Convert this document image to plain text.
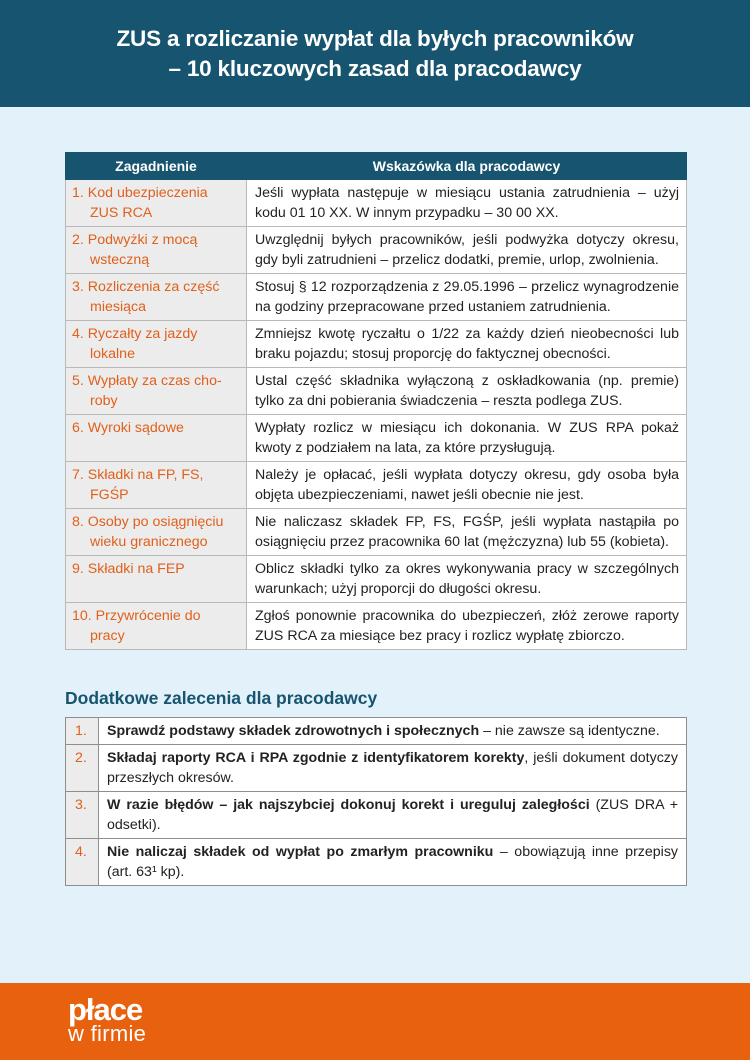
ZUS a rozliczanie wypłat dla byłych pracowników
– 10 kluczowych zasad dla pracodawcy
Zagadnienie	Wskazówka dla pracodawcy

1. Kod ubezpieczenia
ZUS RCA	Jeśli wypłata następuje w miesiącu ustania zatrudnienia – użyj kodu 01 10 XX. W innym przypadku – 30 00 XX.

2. Podwyżki z mocą
wsteczną	Uwzględnij byłych pracowników, jeśli podwyżka dotyczy okresu, gdy byli zatrudnieni – przelicz dodatki, premie, urlop, zwolnienia.

3. Rozliczenia za część
miesiąca	Stosuj § 12 rozporządzenia z 29.05.1996 – przelicz wynagrodzenie na godziny przepracowane przed ustaniem zatrudnienia.

4. Ryczałty za jazdy
lokalne	Zmniejsz kwotę ryczałtu o 1/22 za każdy dzień nieobecności lub braku pojazdu; stosuj proporcję do faktycznej obecności.

5. Wypłaty za czas cho-
roby	Ustal część składnika wyłączoną z oskładkowania (np. premie) tylko za dni pobierania świadczenia – reszta podlega ZUS.

6. Wyroki sądowe	Wypłaty rozlicz w miesiącu ich dokonania. W ZUS RPA pokaż kwoty z podziałem na lata, za które przysługują.

7. Składki na FP, FS,
FGŚP	Należy je opłacać, jeśli wypłata dotyczy okresu, gdy osoba była objęta ubezpieczeniami, nawet jeśli obecnie nie jest.

8. Osoby po osiągnięciu
wieku granicznego	Nie naliczasz składek FP, FS, FGŚP, jeśli wypłata nastąpiła po osiągnięciu przez pracownika 60 lat (mężczyzna) lub 55 (kobieta).

9. Składki na FEP	Oblicz składki tylko za okres wykonywania pracy w szczególnych warunkach; użyj proporcji do długości okresu.

10. Przywrócenie do
pracy	Zgłoś ponownie pracownika do ubezpieczeń, złóż zerowe raporty ZUS RCA za miesiące bez pracy i rozlicz wypłatę zbiorczo.
Dodatkowe zalecenia dla pracodawcy
1.	Sprawdź podstawy składek zdrowotnych i społecznych – nie zawsze są identyczne.
2.	Składaj raporty RCA i RPA zgodnie z identyfikatorem korekty, jeśli dokument dotyczy przeszłych okresów.
3.	W razie błędów – jak najszybciej dokonuj korekt i ureguluj zaległości (ZUS DRA + odsetki).
4.	Nie naliczaj składek od wypłat po zmarłym pracowniku – obowiązują inne przepisy (art. 63¹ kp).
płace
w firmie
